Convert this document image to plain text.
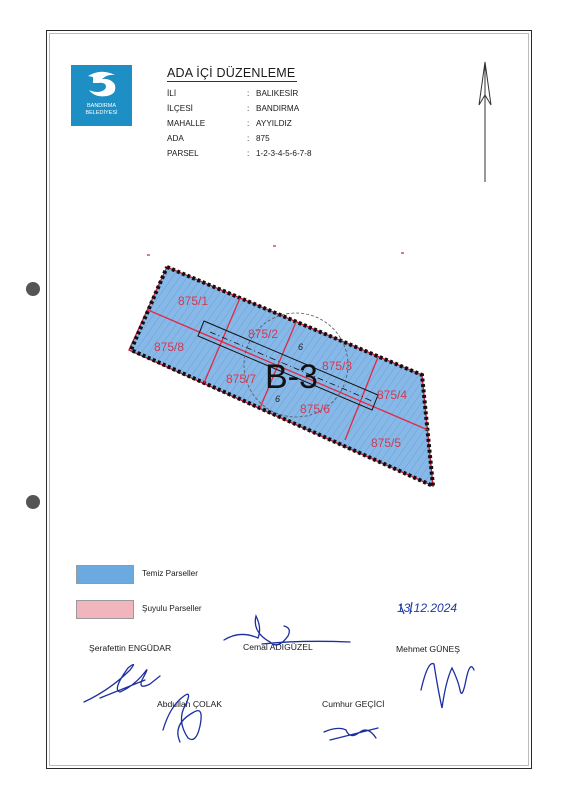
BANDIRMA
BELEDİYESİ
ADA İÇİ DÜZENLEME
İLİ	: BALIKESİR
İLÇESİ	: BANDIRMA
MAHALLE	: AYYILDIZ
ADA	: 875
PARSEL	: 1-2-3-4-5-6-7-8
875/1
875/2
875/3
875/4
875/5
875/6
875/7
875/8	6
6
B-3
Temiz Parseller
Şuyulu Parseller	13.12.2024
Şerafettin ENGÜDAR	Cemal ADIGÜZEL	Mehmet GÜNEŞ
Abdullah ÇOLAK	Cumhur GEÇİCİ
